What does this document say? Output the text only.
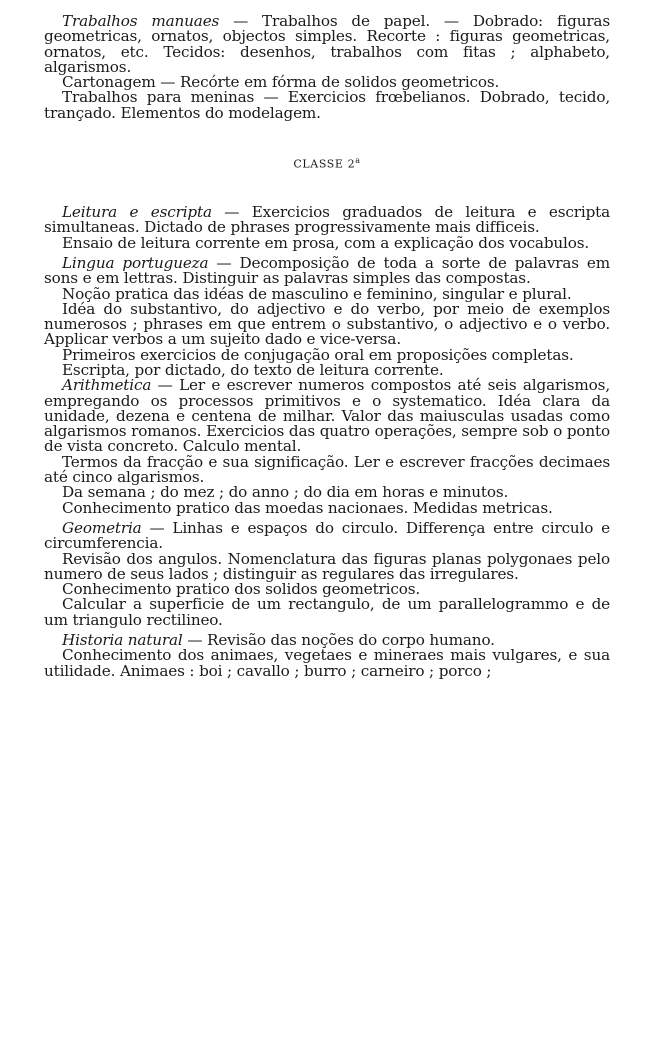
Trabalhos manuaes — Trabalhos de papel. — Dobrado: figuras geometricas, ornatos, objectos simples. Recorte : figuras geometricas, ornatos, etc. Tecidos: desenhos, trabalhos com fitas ; alphabeto, algarismos.

Cartonagem — Recórte em fórma de solidos geometricos.

Trabalhos para meninas — Exercicios frœbelianos. Dobrado, tecido, trançado. Elementos do modelagem.

CLASSE 2$^a$

Leitura e escripta — Exercicios graduados de leitura e escripta simultaneas. Dictado de phrases progressivamente mais difficeis.

Ensaio de leitura corrente em prosa, com a explicação dos vocabulos.

Lingua portugueza — Decomposição de toda a sorte de palavras em sons e em lettras. Distinguir as palavras simples das compostas.

Noção pratica das idéas de masculino e feminino, singular e plural.

Idéa do substantivo, do adjectivo e do verbo, por meio de exemplos numerosos ; phrases em que entrem o substantivo, o adjectivo e o verbo. Applicar verbos a um sujeito dado e vice-versa.

Primeiros exercicios de conjugação oral em proposições completas.

Escripta, por dictado, do texto de leitura corrente.

Arithmetica — Ler e escrever numeros compostos até seis algarismos, empregando os processos primitivos e o systematico. Idéa clara da unidade, dezena e centena de milhar. Valor das maiusculas usadas como algarismos romanos. Exercicios das quatro operações, sempre sob o ponto de vista concreto. Calculo mental.

Termos da fracção e sua significação. Ler e escrever fracções decimaes até cinco algarismos.

Da semana ; do mez ; do anno ; do dia em horas e minutos.

Conhecimento pratico das moedas nacionaes. Medidas metricas.

Geometria — Linhas e espaços do circulo. Differença entre circulo e circumferencia.

Revisão dos angulos. Nomenclatura das figuras planas polygonaes pelo numero de seus lados ; distinguir as regulares das irregulares.

Conhecimento pratico dos solidos geometricos.

Calcular a superficie de um rectangulo, de um parallelogrammo e de um triangulo rectilineo.

Historia natural — Revisão das noções do corpo humano.

Conhecimento dos animaes, vegetaes e mineraes mais vulgares, e sua utilidade. Animaes : boi ; cavallo ; burro ; carneiro ; porco ;
